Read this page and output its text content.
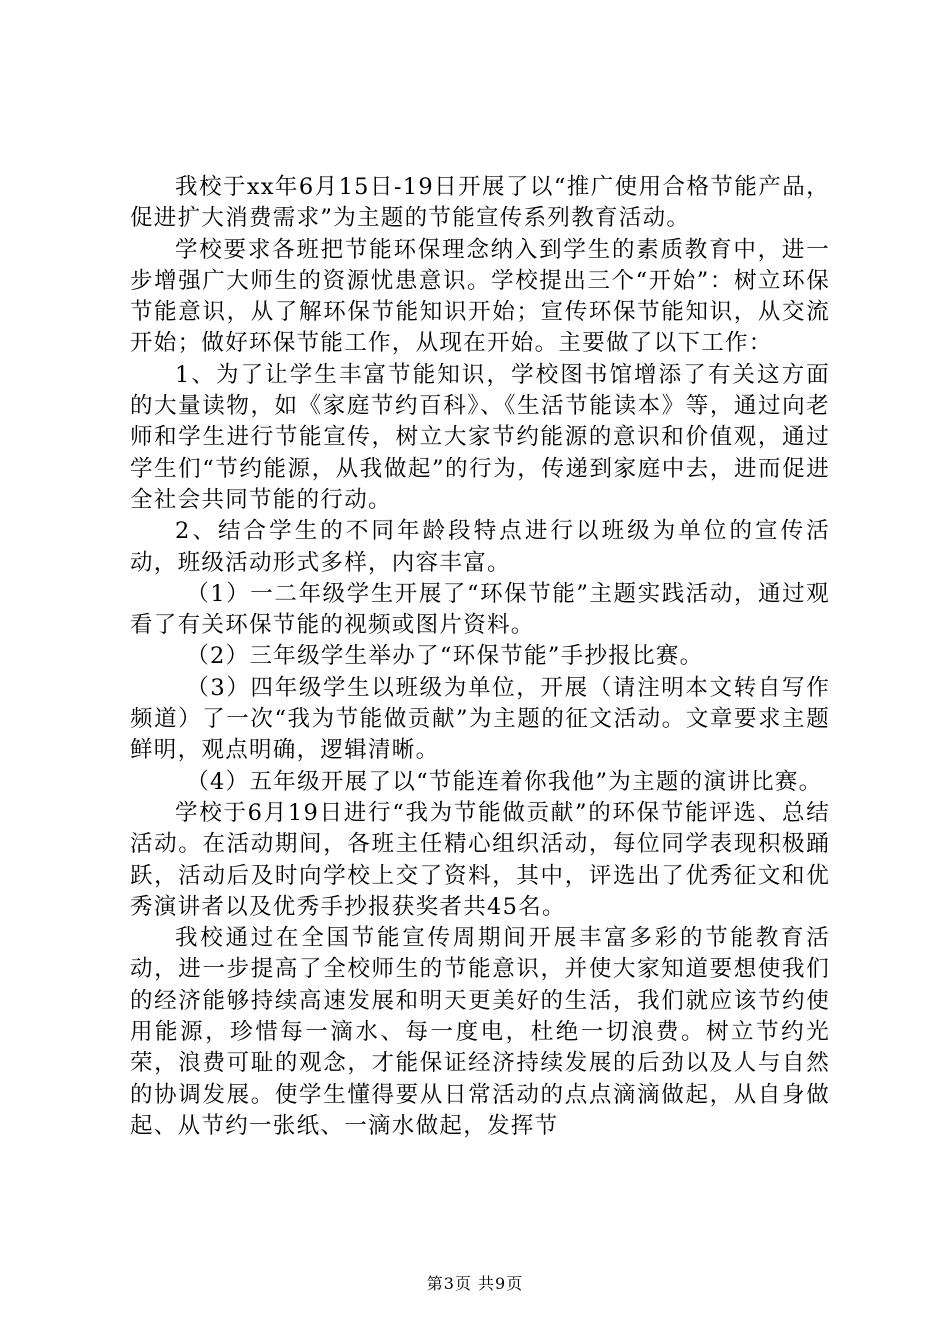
我校于xx年6月15日-19日开展了以“推广使用合格节能产品，促进扩大消费需求”为主题的节能宣传系列教育活动。

学校要求各班把节能环保理念纳入到学生的素质教育中，进一步增强广大师生的资源忧患意识。学校提出三个“开始”：树立环保节能意识，从了解环保节能知识开始；宣传环保节能知识，从交流开始；做好环保节能工作，从现在开始。主要做了以下工作：

1、为了让学生丰富节能知识，学校图书馆增添了有关这方面的大量读物，如《家庭节约百科》、《生活节能读本》等，通过向老师和学生进行节能宣传，树立大家节约能源的意识和价值观，通过学生们“节约能源，从我做起”的行为，传递到家庭中去，进而促进全社会共同节能的行动。

2、结合学生的不同年龄段特点进行以班级为单位的宣传活动，班级活动形式多样，内容丰富。

（1）一二年级学生开展了“环保节能”主题实践活动，通过观看了有关环保节能的视频或图片资料。

（2）三年级学生举办了“环保节能”手抄报比赛。

（3）四年级学生以班级为单位，开展（请注明本文转自写作频道）了一次“我为节能做贡献”为主题的征文活动。文章要求主题鲜明，观点明确，逻辑清晰。

（4）五年级开展了以“节能连着你我他”为主题的演讲比赛。

学校于6月19日进行“我为节能做贡献”的环保节能评选、总结活动。在活动期间，各班主任精心组织活动，每位同学表现积极踊跃，活动后及时向学校上交了资料，其中，评选出了优秀征文和优秀演讲者以及优秀手抄报获奖者共45名。

我校通过在全国节能宣传周期间开展丰富多彩的节能教育活动，进一步提高了全校师生的节能意识，并使大家知道要想使我们的经济能够持续高速发展和明天更美好的生活，我们就应该节约使用能源，珍惜每一滴水、每一度电，杜绝一切浪费。树立节约光荣，浪费可耻的观念，才能保证经济持续发展的后劲以及人与自然的协调发展。使学生懂得要从日常活动的点点滴滴做起，从自身做起、从节约一张纸、一滴水做起，发挥节

第3页 共9页
